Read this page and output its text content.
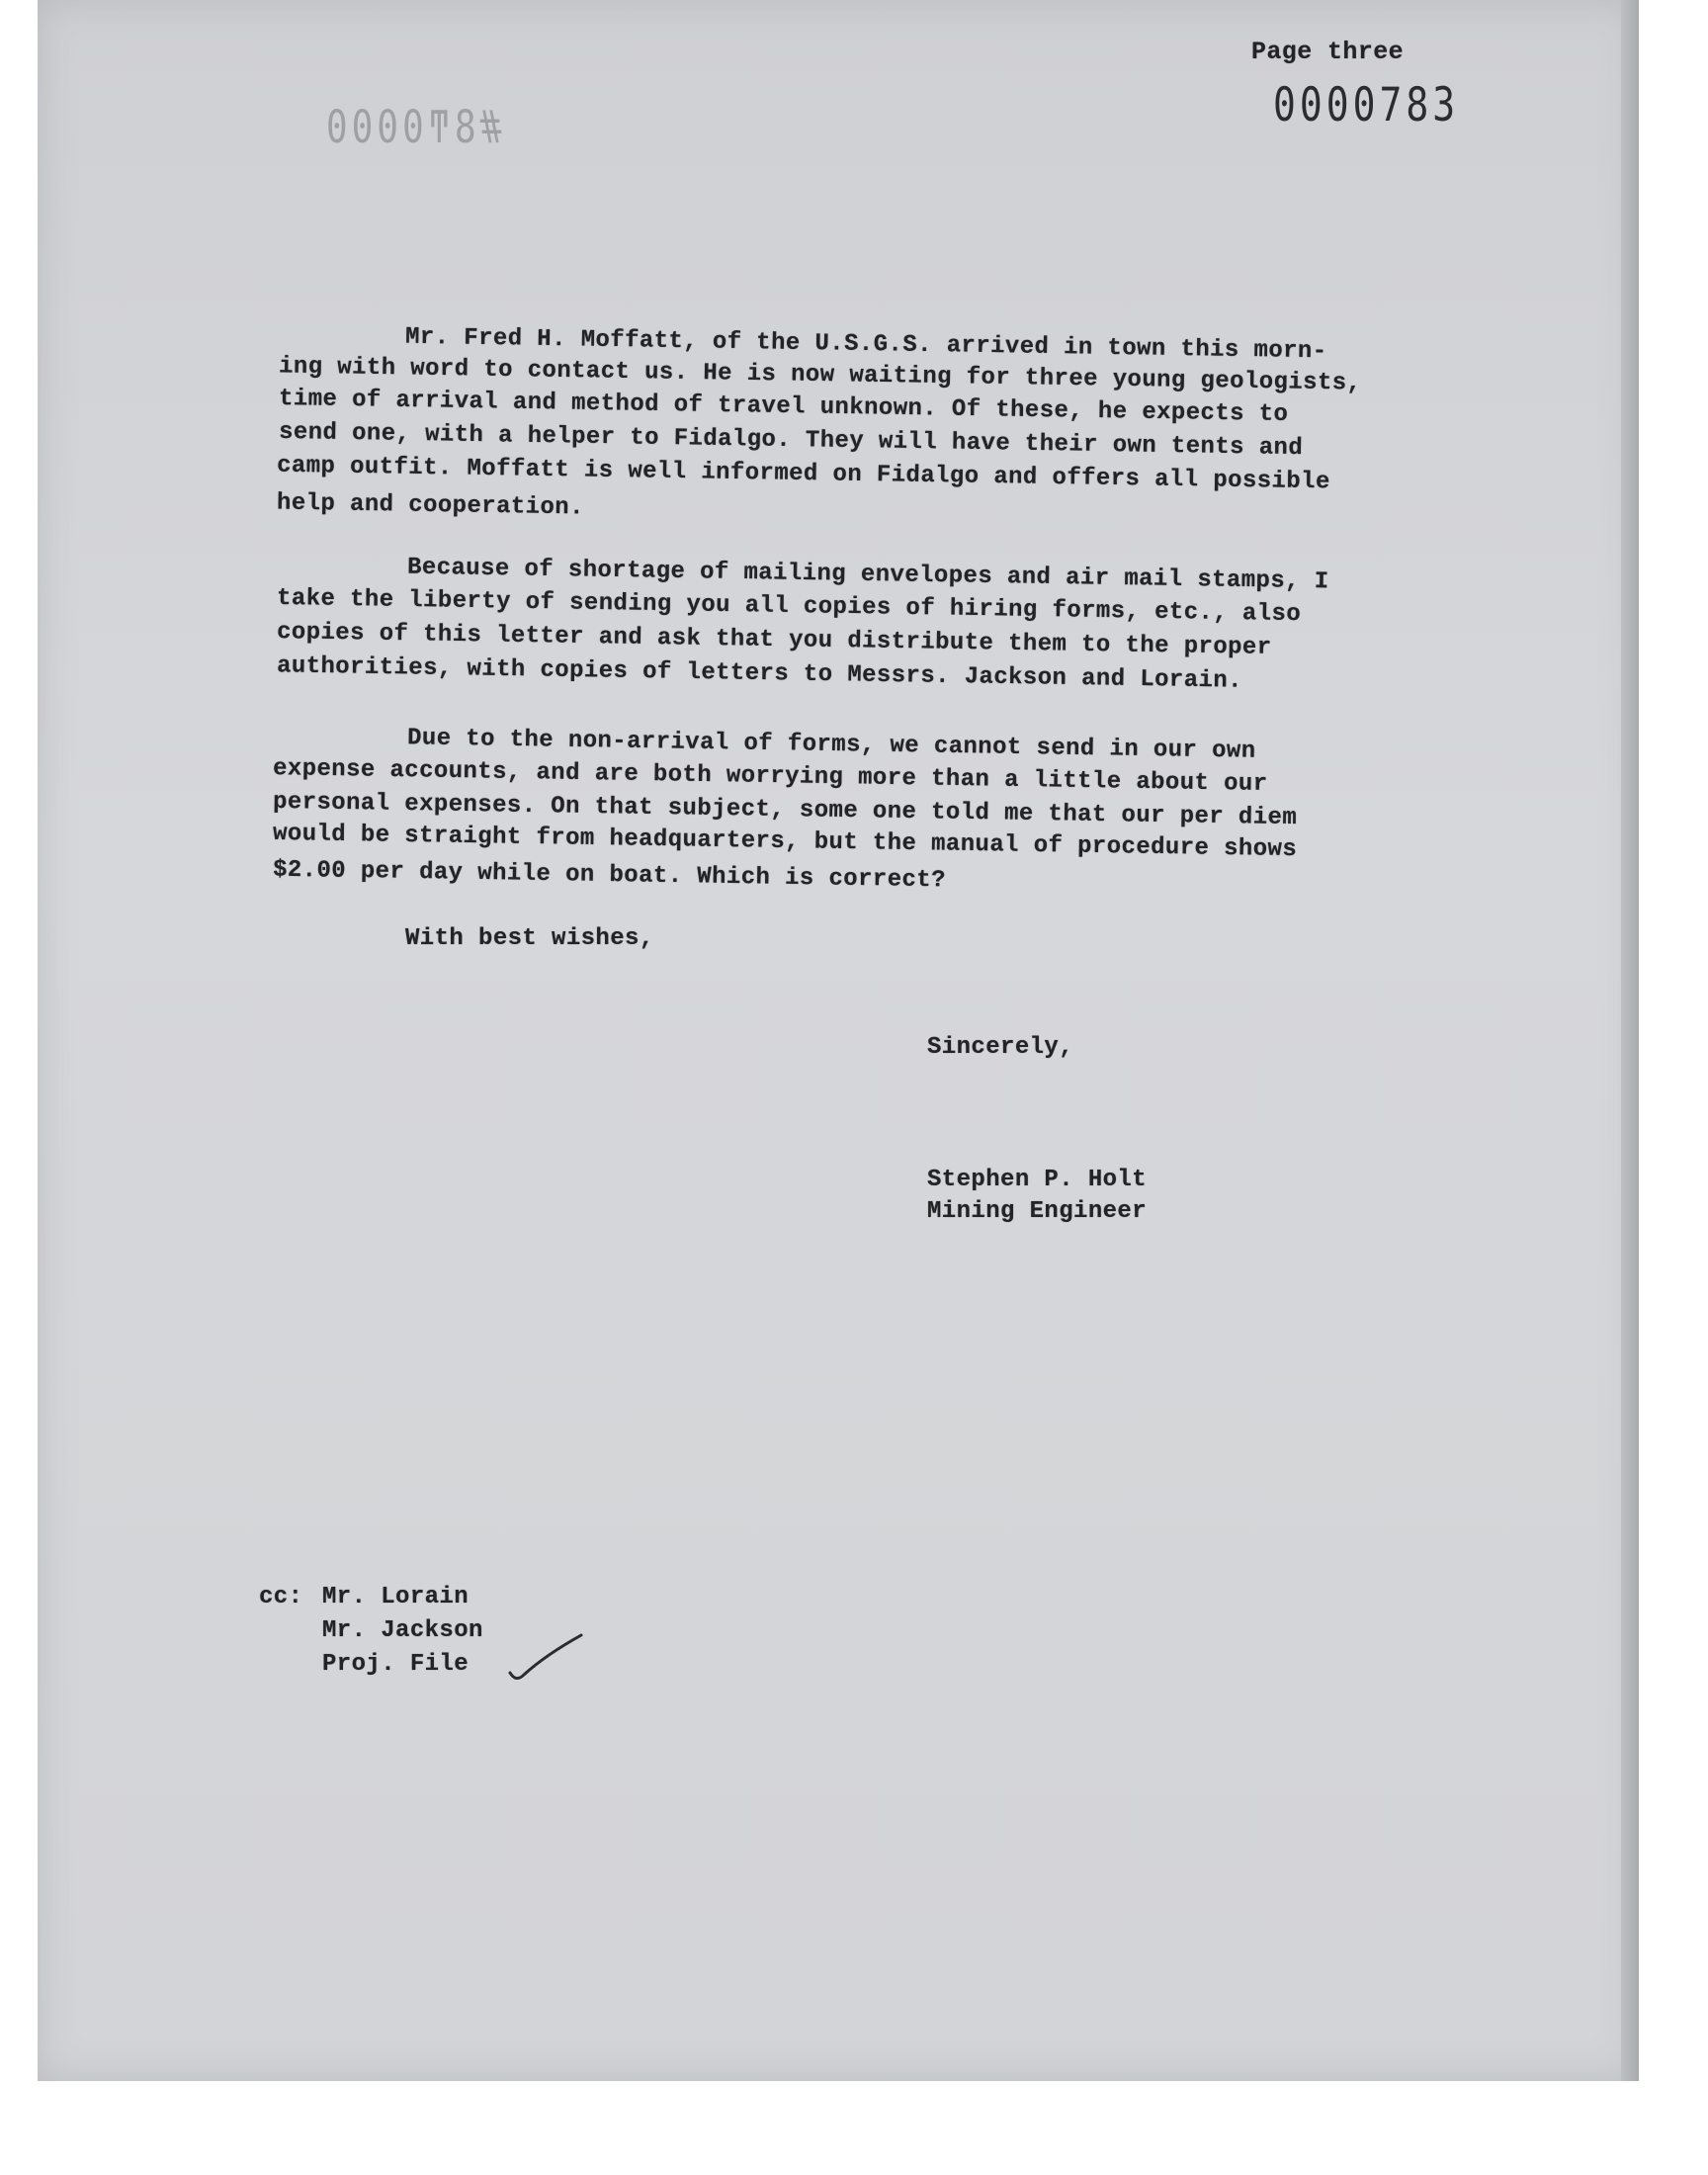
Page three
0000783
#8ͳ0000
Mr. Fred H. Moffatt, of the U.S.G.S. arrived in town this morn-
ing with word to contact us. He is now waiting for three young geologists,
time of arrival and method of travel unknown. Of these, he expects to
send one, with a helper to Fidalgo. They will have their own tents and
camp outfit. Moffatt is well informed on Fidalgo and offers all possible
help and cooperation.
Because of shortage of mailing envelopes and air mail stamps, I
take the liberty of sending you all copies of hiring forms, etc., also
copies of this letter and ask that you distribute them to the proper
authorities, with copies of letters to Messrs. Jackson and Lorain.
Due to the non-arrival of forms, we cannot send in our own
expense accounts, and are both worrying more than a little about our
personal expenses. On that subject, some one told me that our per diem
would be straight from headquarters, but the manual of procedure shows
$2.00 per day while on boat. Which is correct?
With best wishes,
Sincerely,
Stephen P. Holt
Mining Engineer
cc: Mr. Lorain
Mr. Jackson
Proj. File
